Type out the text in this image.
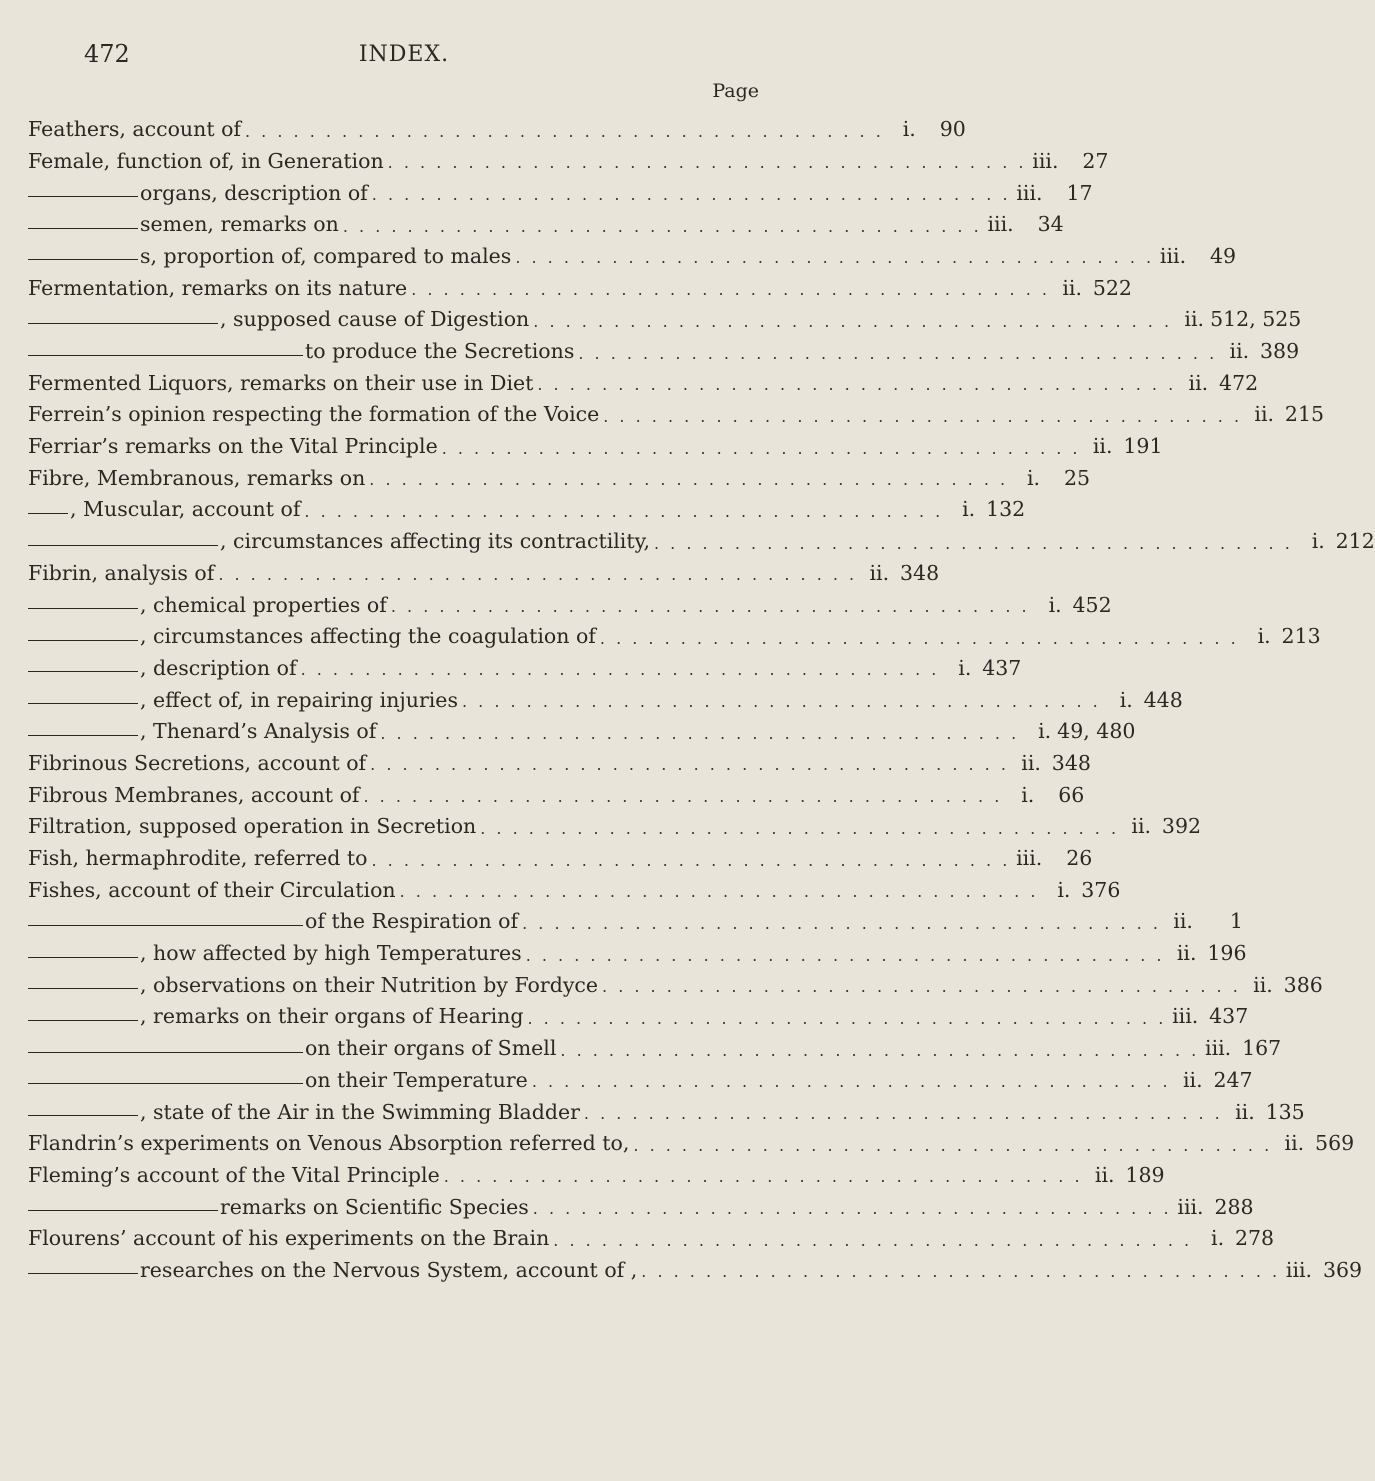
472	INDEX.
Page
Feathers, account of . . . . . . . . . . . . . . . . . . . . . . . . . . . . . . . . . . . . . . . . i.	90
Female, function of, in Generation . . . . . . . . . . . . . . . . . . . . . . . . . . . . . . . . . . . . . . . . iii.	27
organs, description of . . . . . . . . . . . . . . . . . . . . . . . . . . . . . . . . . . . . . . . . iii.	17
semen, remarks on . . . . . . . . . . . . . . . . . . . . . . . . . . . . . . . . . . . . . . . . iii.	34
s, proportion of, compared to males . . . . . . . . . . . . . . . . . . . . . . . . . . . . . . . . . . . . . . . . iii.	49
Fermentation, remarks on its nature . . . . . . . . . . . . . . . . . . . . . . . . . . . . . . . . . . . . . . . . ii. 522
, supposed cause of Digestion . . . . . . . . . . . . . . . . . . . . . . . . . . . . . . . . . . . . . . . . ii. 512, 525
to produce the Secretions . . . . . . . . . . . . . . . . . . . . . . . . . . . . . . . . . . . . . . . . ii. 389
Fermented Liquors, remarks on their use in Diet . . . . . . . . . . . . . . . . . . . . . . . . . . . . . . . . . . . . . . . . ii. 472
Ferrein’s opinion respecting the formation of the Voice . . . . . . . . . . . . . . . . . . . . . . . . . . . . . . . . . . . . . . . . ii. 215
Ferriar’s remarks on the Vital Principle . . . . . . . . . . . . . . . . . . . . . . . . . . . . . . . . . . . . . . . . ii. 191
Fibre, Membranous, remarks on . . . . . . . . . . . . . . . . . . . . . . . . . . . . . . . . . . . . . . . . i.	25
, Muscular, account of . . . . . . . . . . . . . . . . . . . . . . . . . . . . . . . . . . . . . . . . i. 132
, circumstances affecting its contractility, . . . . . . . . . . . . . . . . . . . . . . . . . . . . . . . . . . . . . . . . i. 212
Fibrin, analysis of . . . . . . . . . . . . . . . . . . . . . . . . . . . . . . . . . . . . . . . . ii. 348
, chemical properties of . . . . . . . . . . . . . . . . . . . . . . . . . . . . . . . . . . . . . . . . i. 452
, circumstances affecting the coagulation of . . . . . . . . . . . . . . . . . . . . . . . . . . . . . . . . . . . . . . . . i. 213
, description of . . . . . . . . . . . . . . . . . . . . . . . . . . . . . . . . . . . . . . . . i. 437
, effect of, in repairing injuries . . . . . . . . . . . . . . . . . . . . . . . . . . . . . . . . . . . . . . . . i. 448
, Thenard’s Analysis of . . . . . . . . . . . . . . . . . . . . . . . . . . . . . . . . . . . . . . . . i. 49, 480
Fibrinous Secretions, account of . . . . . . . . . . . . . . . . . . . . . . . . . . . . . . . . . . . . . . . . ii. 348
Fibrous Membranes, account of . . . . . . . . . . . . . . . . . . . . . . . . . . . . . . . . . . . . . . . . i.	66
Filtration, supposed operation in Secretion . . . . . . . . . . . . . . . . . . . . . . . . . . . . . . . . . . . . . . . . ii. 392
Fish, hermaphrodite, referred to . . . . . . . . . . . . . . . . . . . . . . . . . . . . . . . . . . . . . . . . iii.	26
Fishes, account of their Circulation . . . . . . . . . . . . . . . . . . . . . . . . . . . . . . . . . . . . . . . . i. 376
of the Respiration of . . . . . . . . . . . . . . . . . . . . . . . . . . . . . . . . . . . . . . . . ii.	1
, how affected by high Temperatures . . . . . . . . . . . . . . . . . . . . . . . . . . . . . . . . . . . . . . . . ii. 196
, observations on their Nutrition by Fordyce . . . . . . . . . . . . . . . . . . . . . . . . . . . . . . . . . . . . . . . . ii. 386
, remarks on their organs of Hearing . . . . . . . . . . . . . . . . . . . . . . . . . . . . . . . . . . . . . . . . iii. 437
on their organs of Smell . . . . . . . . . . . . . . . . . . . . . . . . . . . . . . . . . . . . . . . . iii. 167
on their Temperature . . . . . . . . . . . . . . . . . . . . . . . . . . . . . . . . . . . . . . . . ii. 247
, state of the Air in the Swimming Bladder . . . . . . . . . . . . . . . . . . . . . . . . . . . . . . . . . . . . . . . . ii. 135
Flandrin’s experiments on Venous Absorption referred to, . . . . . . . . . . . . . . . . . . . . . . . . . . . . . . . . . . . . . . . . ii. 569
Fleming’s account of the Vital Principle . . . . . . . . . . . . . . . . . . . . . . . . . . . . . . . . . . . . . . . . ii. 189
remarks on Scientific Species . . . . . . . . . . . . . . . . . . . . . . . . . . . . . . . . . . . . . . . . iii. 288
Flourens’ account of his experiments on the Brain . . . . . . . . . . . . . . . . . . . . . . . . . . . . . . . . . . . . . . . . i. 278
researches on the Nervous System, account of , . . . . . . . . . . . . . . . . . . . . . . . . . . . . . . . . . . . . . . . . iii. 369
